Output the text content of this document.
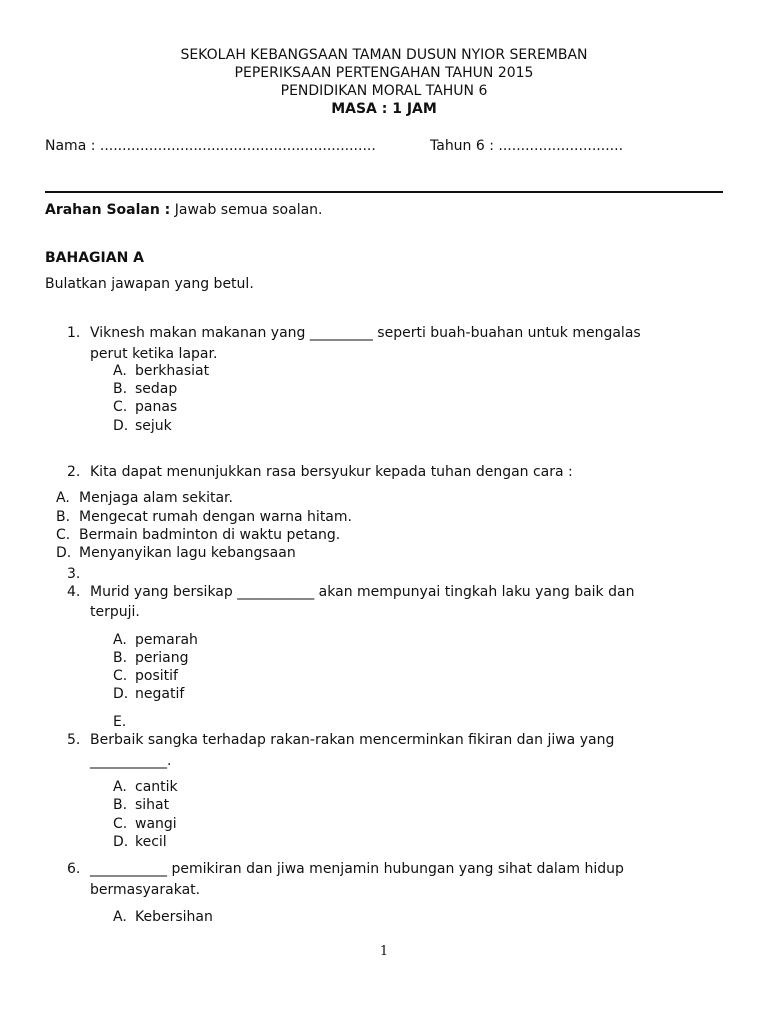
SEKOLAH KEBANGSAAN TAMAN DUSUN NYIOR SEREMBAN
PEPERIKSAAN PERTENGAHAN TAHUN 2015
PENDIDIKAN MORAL TAHUN 6
MASA : 1 JAM
Nama : ..............................................................	Tahun 6 : ............................
Arahan Soalan : Jawab semua soalan.
BAHAGIAN A
Bulatkan jawapan yang betul.
1. Viknesh makan makanan yang _________ seperti buah-buahan untuk mengalas
perut ketika lapar.
A. berkhasiat
B. sedap
C. panas
D. sejuk
2. Kita dapat menunjukkan rasa bersyukur kepada tuhan dengan cara :
A. Menjaga alam sekitar.
B. Mengecat rumah dengan warna hitam.
C. Bermain badminton di waktu petang.
D. Menyanyikan lagu kebangsaan
3.
4. Murid yang bersikap ___________ akan mempunyai tingkah laku yang baik dan
terpuji.
A. pemarah
B. periang
C. positif
D. negatif
E.
5. Berbaik sangka terhadap rakan-rakan mencerminkan fikiran dan jiwa yang
___________.
A. cantik
B. sihat
C. wangi
D. kecil
6. ___________ pemikiran dan jiwa menjamin hubungan yang sihat dalam hidup
bermasyarakat.
A. Kebersihan
1
